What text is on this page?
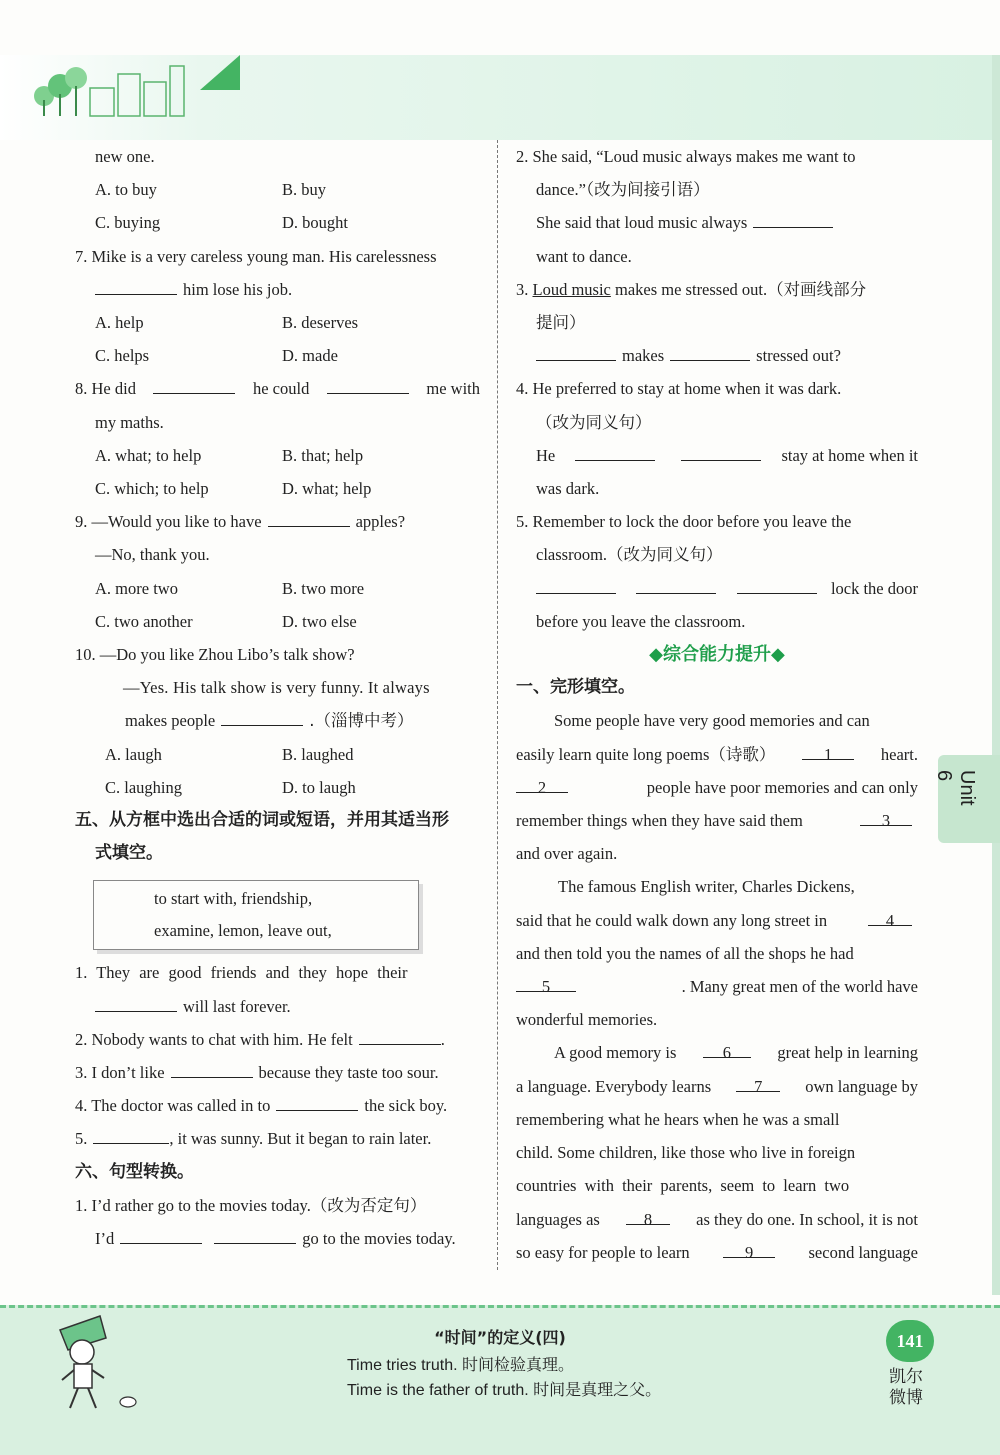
new one.
A. to buy	B. buy
C. buying	D. bought
7. Mike is a very careless young man. His carelessness
him lose his job.
A. help	B. deserves
C. helps	D. made
8. He did	he could	me with
my maths.
A. what; to help	B. that; help
C. which; to help	D. what; help
9. —Would you like to have	apples?
—No, thank you.
A. more two	B. two more
C. two another	D. two else
10. —Do you like Zhou Libo’s talk show?
—Yes. His talk show is very funny. It always
makes people	.（淄博中考）
A. laugh	B. laughed
C. laughing	D. to laugh
五、从方框中选出合适的词或短语，并用其适当形
式填空。
to start with, friendship,
examine, lemon, leave out,
1. They are good friends and they hope their
will last forever.
2. Nobody wants to chat with him. He felt	.
3. I don’t like	because they taste too sour.
4. The doctor was called in to	the sick boy.
5.	, it was sunny. But it began to rain later.
六、句型转换。
1. I’d rather go to the movies today.（改为否定句）
I’d	go to the movies today.
2. She said, “Loud music always makes me want to
dance.”（改为间接引语）
She said that loud music always
want to dance.
3.
Loud music
makes me stressed out.（对画线部分
提问）
makes	stressed out?
4. He preferred to stay at home when it was dark.
（改为同义句）
He	stay at home when it
was dark.
5. Remember to lock the door before you leave the
classroom.（改为同义句）
lock the door
before you leave the classroom.
◆综合能力提升◆
一、完形填空。
Some people have very good memories and can
easily learn quite long poems（诗歌）	1	heart.
2	people have poor memories and can only
remember things when they have said them	3
and over again.
The famous English writer, Charles Dickens,
said that he could walk down any long street in	4
and then told you the names of all the shops he had
5	. Many great men of the world have
wonderful memories.
A good memory is	6	great help in learning
a language. Everybody learns	7	own language by
remembering what he hears when he was a small
child. Some children, like those who live in foreign
countries with their parents, seem to learn two
languages as	8	as they do one. In school, it is not
so easy for people to learn	9	second language
Unit 6
“时间”的定义(四)
Time tries truth. 时间检验真理。
Time is the father of truth. 时间是真理之父。
141
凯尔微博
